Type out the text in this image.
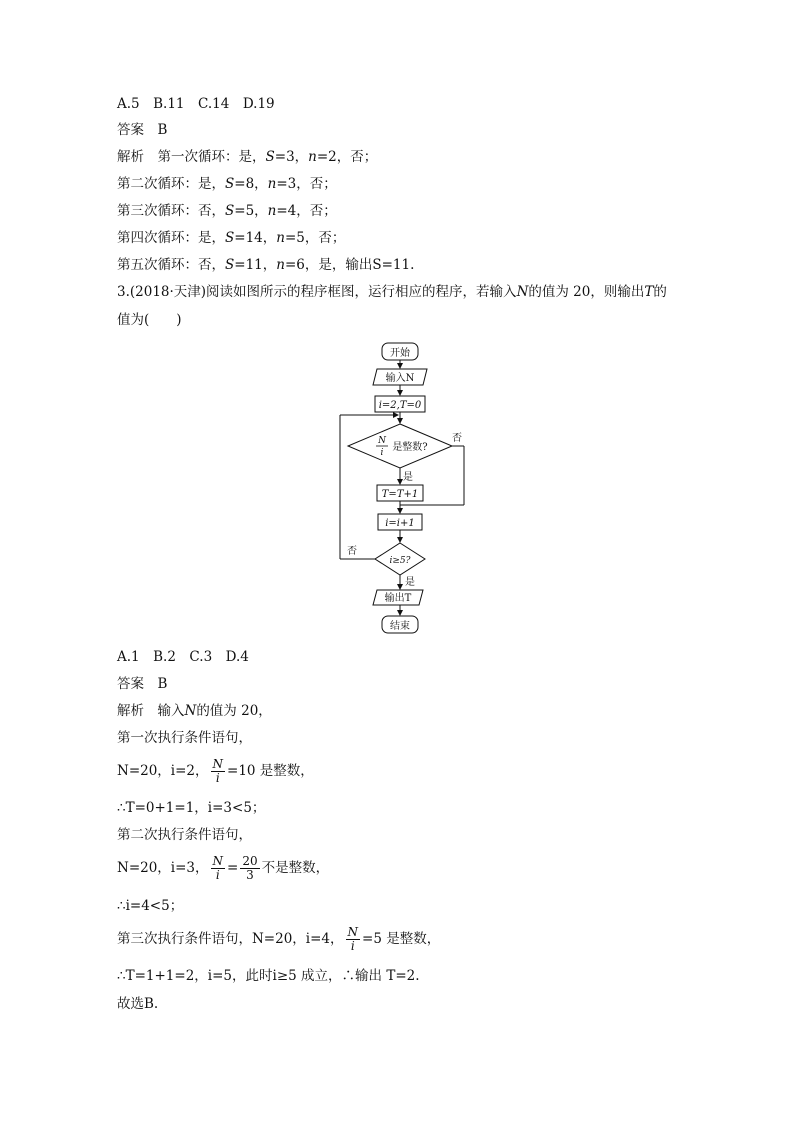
A.5　B.11　C.14　D.19
答案　B
解析　第一次循环：是，S=3，n=2，否；
第二次循环：是，S=8，n=3，否；
第三次循环：否，S=5，n=4，否；
第四次循环：是，S=14，n=5，否；
第五次循环：否，S=11，n=6，是，输出S=11.
3.(2018·天津)阅读如图所示的程序框图，运行相应的程序，若输入N的值为 20，则输出T的
值为(　　)
开始
输入N
i=2,T=0
N
i 是整数?
否
是
T=T+1
i=i+1
i≥5?
否
是
输出T
结束
A.1　B.2　C.3　D.4
答案　B
解析　输入N的值为 20，
第一次执行条件语句，
N=20，i=2， $\frac{N}{i} =10$ 是整数，
∴T=0+1=1，i=3<5；
第二次执行条件语句，
N=20，i=3， $\frac{N}{i} = \frac{20}{3}$ 不是整数，
∴i=4<5；
第三次执行条件语句，N=20，i=4， $\frac{N}{i} =5$ 是整数，
∴T=1+1=2，i=5，此时i≥5 成立，∴输出 T=2.
故选B.
